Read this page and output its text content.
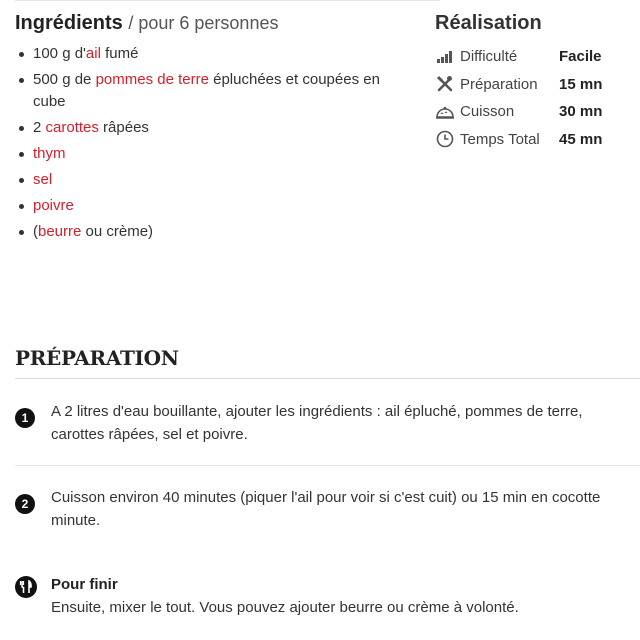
Ingrédients / pour 6 personnes
100 g d'ail fumé
500 g de pommes de terre épluchées et coupées en cube
2 carottes râpées
thym
sel
poivre
(beurre ou crème)
Réalisation
Difficulté	Facile
Préparation	15 mn
Cuisson	30 mn
Temps Total	45 mn
PRÉPARATION
1	A 2 litres d'eau bouillante, ajouter les ingrédients : ail épluché, pommes de terre, carottes râpées, sel et poivre.
2	Cuisson environ 40 minutes (piquer l'ail pour voir si c'est cuit) ou 15 min en cocotte minute.
Pour finir
Ensuite, mixer le tout. Vous pouvez ajouter beurre ou crème à volonté.
